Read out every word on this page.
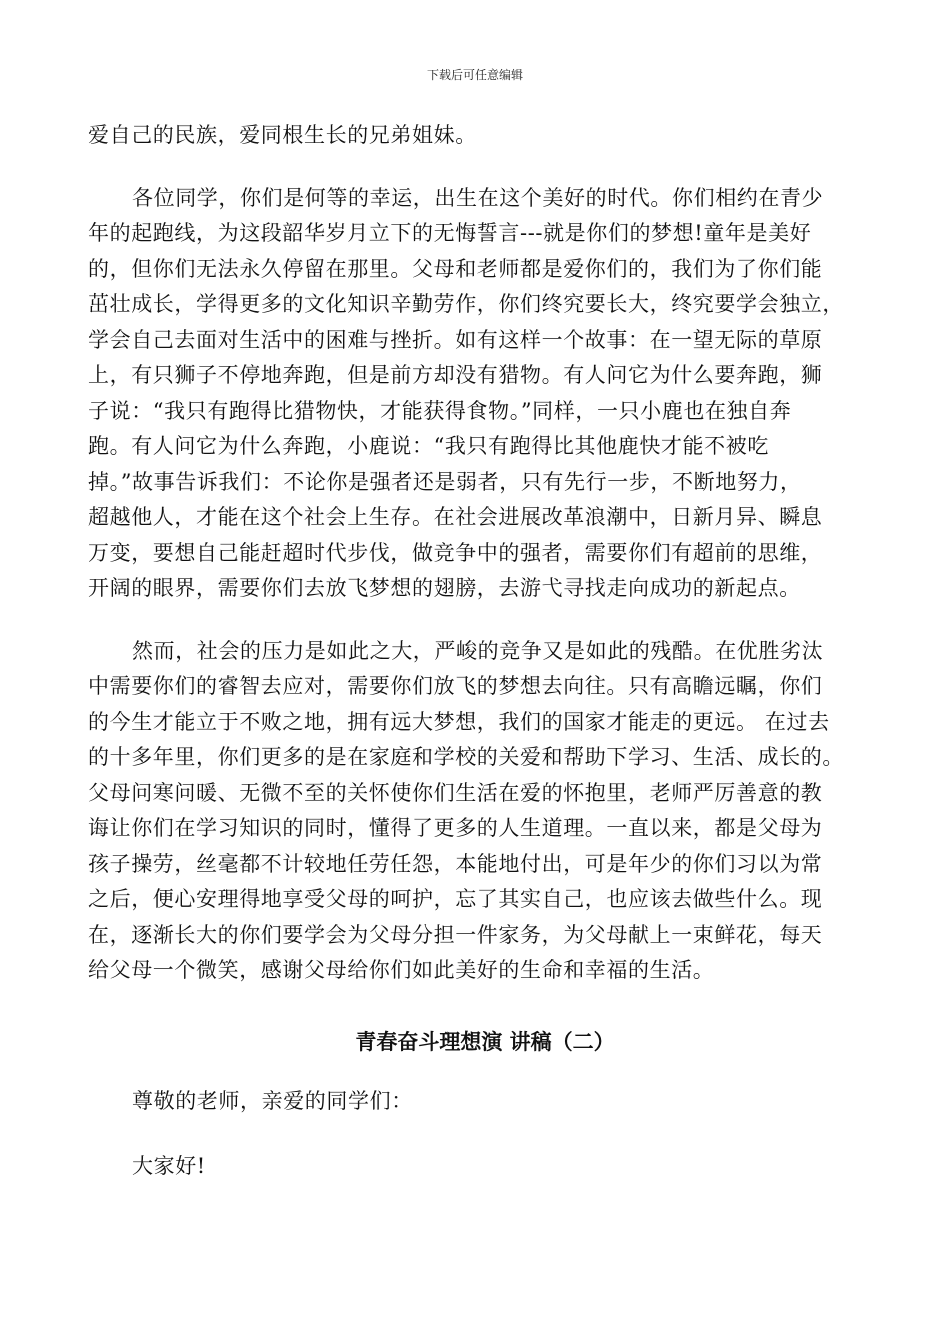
下载后可任意编辑
爱自己的民族，爱同根生长的兄弟姐妹。
各位同学，你们是何等的幸运，出生在这个美好的时代。你们相约在青少
年的起跑线，为这段韶华岁月立下的无悔誓言---就是你们的梦想!童年是美好
的，但你们无法永久停留在那里。父母和老师都是爱你们的，我们为了你们能
茁壮成长，学得更多的文化知识辛勤劳作，你们终究要长大，终究要学会独立，
学会自己去面对生活中的困难与挫折。如有这样一个故事：在一望无际的草原
上，有只狮子不停地奔跑，但是前方却没有猎物。有人问它为什么要奔跑，狮
子说：“我只有跑得比猎物快，才能获得食物。”同样，一只小鹿也在独自奔
跑。有人问它为什么奔跑，小鹿说：“我只有跑得比其他鹿快才能不被吃
掉。”故事告诉我们：不论你是强者还是弱者，只有先行一步，不断地努力，
超越他人，才能在这个社会上生存。在社会进展改革浪潮中，日新月异、瞬息
万变，要想自己能赶超时代步伐，做竞争中的强者，需要你们有超前的思维，
开阔的眼界，需要你们去放飞梦想的翅膀，去游弋寻找走向成功的新起点。
然而，社会的压力是如此之大，严峻的竞争又是如此的残酷。在优胜劣汰
中需要你们的睿智去应对，需要你们放飞的梦想去向往。只有高瞻远瞩，你们
的今生才能立于不败之地，拥有远大梦想，我们的国家才能走的更远。 在过去
的十多年里，你们更多的是在家庭和学校的关爱和帮助下学习、生活、成长的。
父母问寒问暖、无微不至的关怀使你们生活在爱的怀抱里，老师严厉善意的教
诲让你们在学习知识的同时，懂得了更多的人生道理。一直以来，都是父母为
孩子操劳，丝毫都不计较地任劳任怨，本能地付出，可是年少的你们习以为常
之后，便心安理得地享受父母的呵护，忘了其实自己，也应该去做些什么。现
在，逐渐长大的你们要学会为父母分担一件家务，为父母献上一束鲜花，每天
给父母一个微笑，感谢父母给你们如此美好的生命和幸福的生活。
青春奋斗理想演 讲稿（二）
尊敬的老师，亲爱的同学们：
大家好!
